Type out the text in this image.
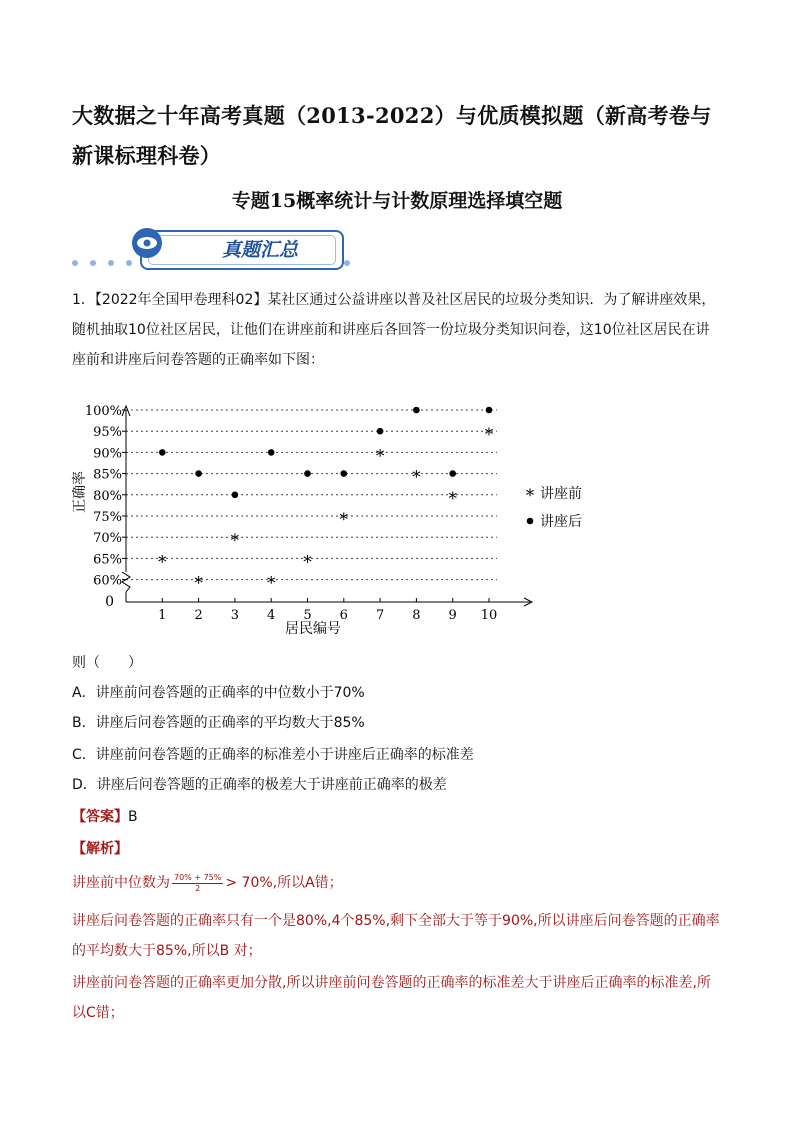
大数据之十年高考真题（2013-2022）与优质模拟题（新高考卷与新课标理科卷）
专题15概率统计与计数原理选择填空题
真题汇总
1．【2022年全国甲卷理科02】某社区通过公益讲座以普及社区居民的垃圾分类知识．为了解讲座效果，随机抽取10位社区居民，让他们在讲座前和讲座后各回答一份垃圾分类知识问卷，这10位社区居民在讲座前和讲座后问卷答题的正确率如下图：
100%
95%
90%
85%
80%
75%
70%
65%
60%
1 2 3 4 5 6 7 8 9 10
*
*
*
*
*
*
*
*
*
*
0
居民编号
正确率	* 讲座前
讲座后
则（　　）
A．讲座前问卷答题的正确率的中位数小于70%
B．讲座后问卷答题的正确率的平均数大于85%
C．讲座前问卷答题的正确率的标准差小于讲座后正确率的标准差
D．讲座后问卷答题的正确率的极差大于讲座前正确率的极差
【答案】B
【解析】
讲座前中位数为 $\frac{70\% + 75\%}{2} > 70\%$,所以A错；
讲座后问卷答题的正确率只有一个是80%,4个85%,剩下全部大于等于90%,所以讲座后问卷答题的正确率的平均数大于85%,所以B 对；
讲座前问卷答题的正确率更加分散,所以讲座前问卷答题的正确率的标准差大于讲座后正确率的标准差,所以C错；
